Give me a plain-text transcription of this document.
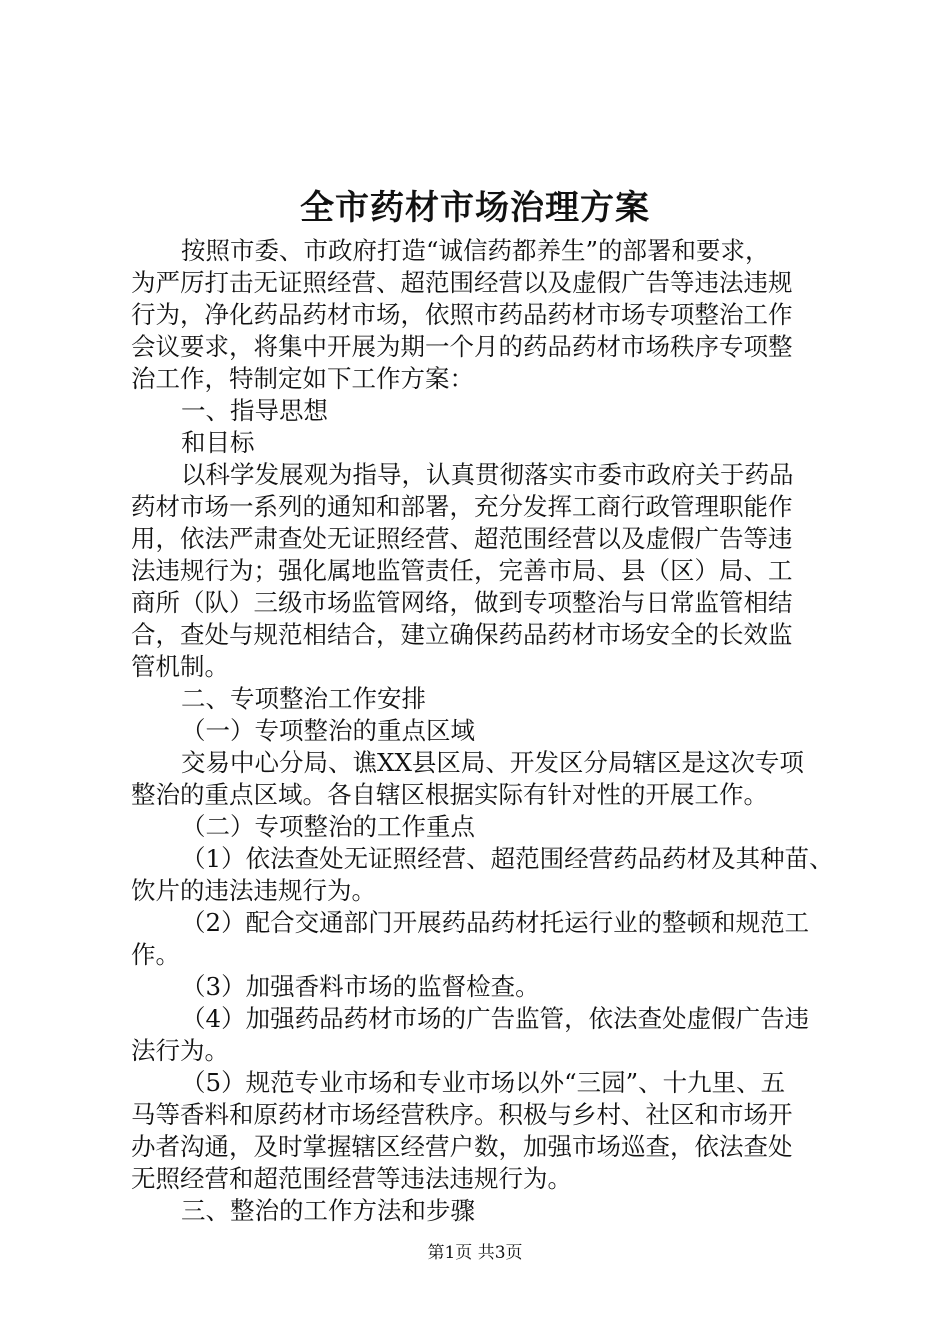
全市药材市场治理方案
按照市委、市政府打造“诚信药都养生”的部署和要求，
为严厉打击无证照经营、超范围经营以及虚假广告等违法违规
行为，净化药品药材市场，依照市药品药材市场专项整治工作
会议要求，将集中开展为期一个月的药品药材市场秩序专项整
治工作，特制定如下工作方案：
一、指导思想
和目标
以科学发展观为指导，认真贯彻落实市委市政府关于药品
药材市场一系列的通知和部署，充分发挥工商行政管理职能作
用，依法严肃查处无证照经营、超范围经营以及虚假广告等违
法违规行为；强化属地监管责任，完善市局、县（区）局、工
商所（队）三级市场监管网络，做到专项整治与日常监管相结
合，查处与规范相结合，建立确保药品药材市场安全的长效监
管机制。
二、专项整治工作安排
（一）专项整治的重点区域
交易中心分局、谯XX县区局、开发区分局辖区是这次专项
整治的重点区域。各自辖区根据实际有针对性的开展工作。
（二）专项整治的工作重点
（1）依法查处无证照经营、超范围经营药品药材及其种苗、
饮片的违法违规行为。
（2）配合交通部门开展药品药材托运行业的整顿和规范工
作。
（3）加强香料市场的监督检查。
（4）加强药品药材市场的广告监管，依法查处虚假广告违
法行为。
（5）规范专业市场和专业市场以外“三园”、十九里、五
马等香料和原药材市场经营秩序。积极与乡村、社区和市场开
办者沟通，及时掌握辖区经营户数，加强市场巡查，依法查处
无照经营和超范围经营等违法违规行为。
三、整治的工作方法和步骤
第1页 共3页
